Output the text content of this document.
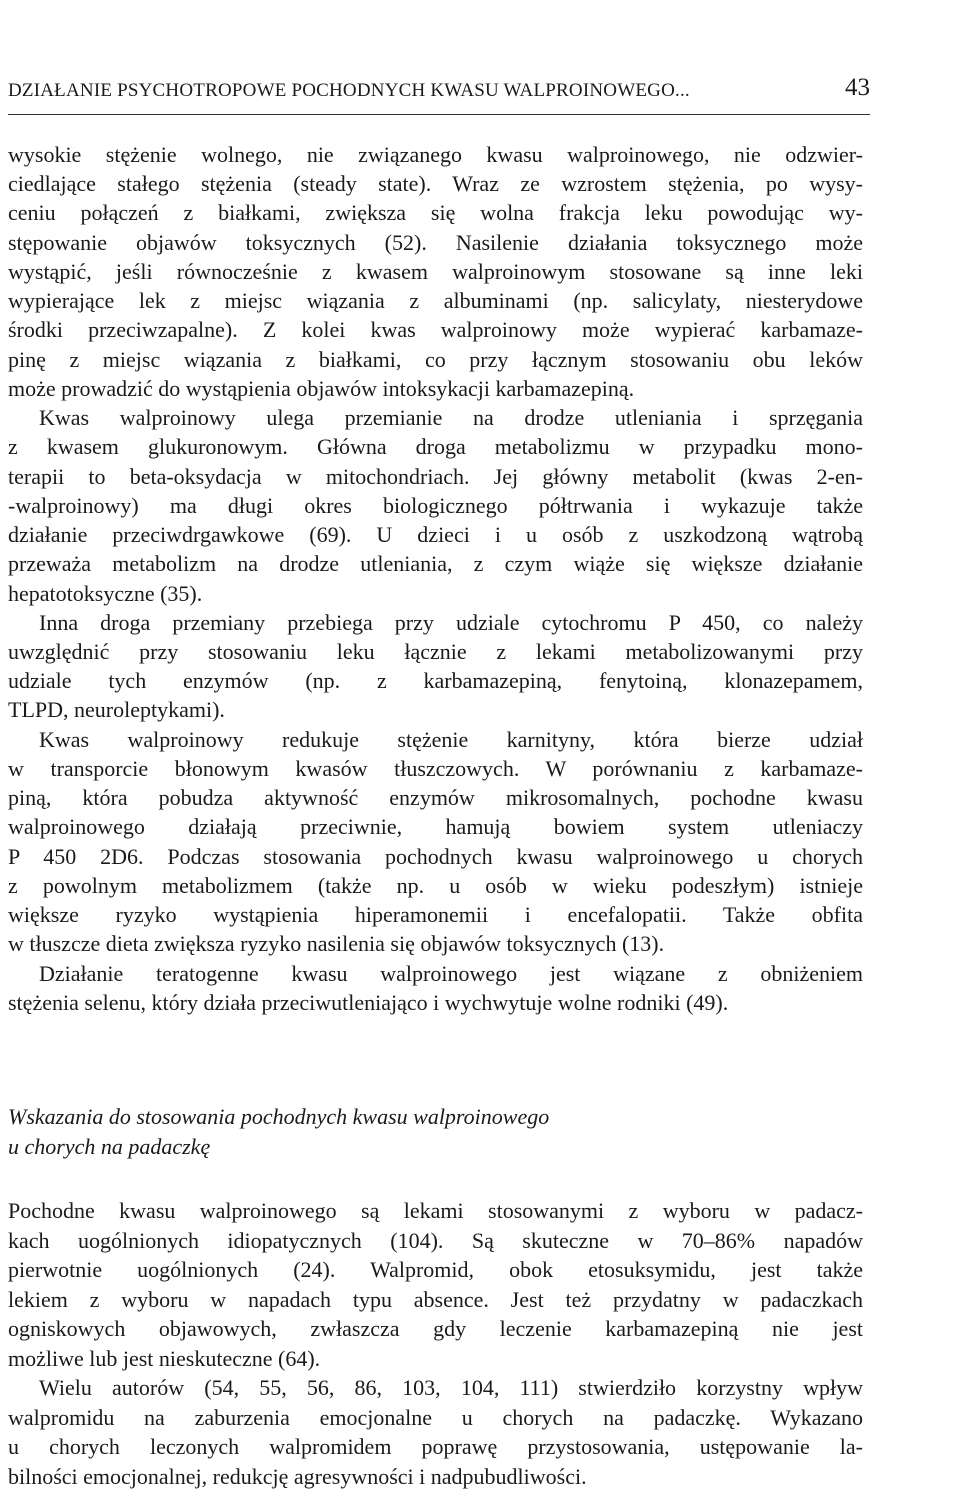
DZIAŁANIE PSYCHOTROPOWE POCHODNYCH KWASU WALPROINOWEGO...	43
wysokie stężenie wolnego, nie związanego kwasu walproinowego, nie odzwier-
ciedlające stałego stężenia (steady state). Wraz ze wzrostem stężenia, po wysy-
ceniu połączeń z białkami, zwiększa się wolna frakcja leku powodując wy-
stępowanie objawów toksycznych (52). Nasilenie działania toksycznego może
wystąpić, jeśli równocześnie z kwasem walproinowym stosowane są inne leki
wypierające lek z miejsc wiązania z albuminami (np. salicylaty, niesterydowe
środki przeciwzapalne). Z kolei kwas walproinowy może wypierać karbamaze-
pinę z miejsc wiązania z białkami, co przy łącznym stosowaniu obu leków
może prowadzić do wystąpienia objawów intoksykacji karbamazepiną.
Kwas walproinowy ulega przemianie na drodze utleniania i sprzęgania
z kwasem glukuronowym. Główna droga metabolizmu w przypadku mono-
terapii to beta-oksydacja w mitochondriach. Jej główny metabolit (kwas 2-en-
-walproinowy) ma długi okres biologicznego półtrwania i wykazuje także
działanie przeciwdrgawkowe (69). U dzieci i u osób z uszkodzoną wątrobą
przeważa metabolizm na drodze utleniania, z czym wiąże się większe działanie
hepatotoksyczne (35).
Inna droga przemiany przebiega przy udziale cytochromu P 450, co należy
uwzględnić przy stosowaniu leku łącznie z lekami metabolizowanymi przy
udziale tych enzymów (np. z karbamazepiną, fenytoiną, klonazepamem,
TLPD, neuroleptykami).
Kwas walproinowy redukuje stężenie karnityny, która bierze udział
w transporcie błonowym kwasów tłuszczowych. W porównaniu z karbamaze-
piną, która pobudza aktywność enzymów mikrosomalnych, pochodne kwasu
walproinowego działają przeciwnie, hamują bowiem system utleniaczy
P 450 2D6. Podczas stosowania pochodnych kwasu walproinowego u chorych
z powolnym metabolizmem (także np. u osób w wieku podeszłym) istnieje
większe ryzyko wystąpienia hiperamonemii i encefalopatii. Także obfita
w tłuszcze dieta zwiększa ryzyko nasilenia się objawów toksycznych (13).
Działanie teratogenne kwasu walproinowego jest wiązane z obniżeniem
stężenia selenu, który działa przeciwutleniająco i wychwytuje wolne rodniki (49).
Wskazania do stosowania pochodnych kwasu walproinowego
u chorych na padaczkę
Pochodne kwasu walproinowego są lekami stosowanymi z wyboru w padacz-
kach uogólnionych idiopatycznych (104). Są skuteczne w 70–86% napadów
pierwotnie uogólnionych (24). Walpromid, obok etosuksymidu, jest także
lekiem z wyboru w napadach typu absence. Jest też przydatny w padaczkach
ogniskowych objawowych, zwłaszcza gdy leczenie karbamazepiną nie jest
możliwe lub jest nieskuteczne (64).
Wielu autorów (54, 55, 56, 86, 103, 104, 111) stwierdziło korzystny wpływ
walpromidu na zaburzenia emocjonalne u chorych na padaczkę. Wykazano
u chorych leczonych walpromidem poprawę przystosowania, ustępowanie la-
bilności emocjonalnej, redukcję agresywności i nadpubudliwości.
